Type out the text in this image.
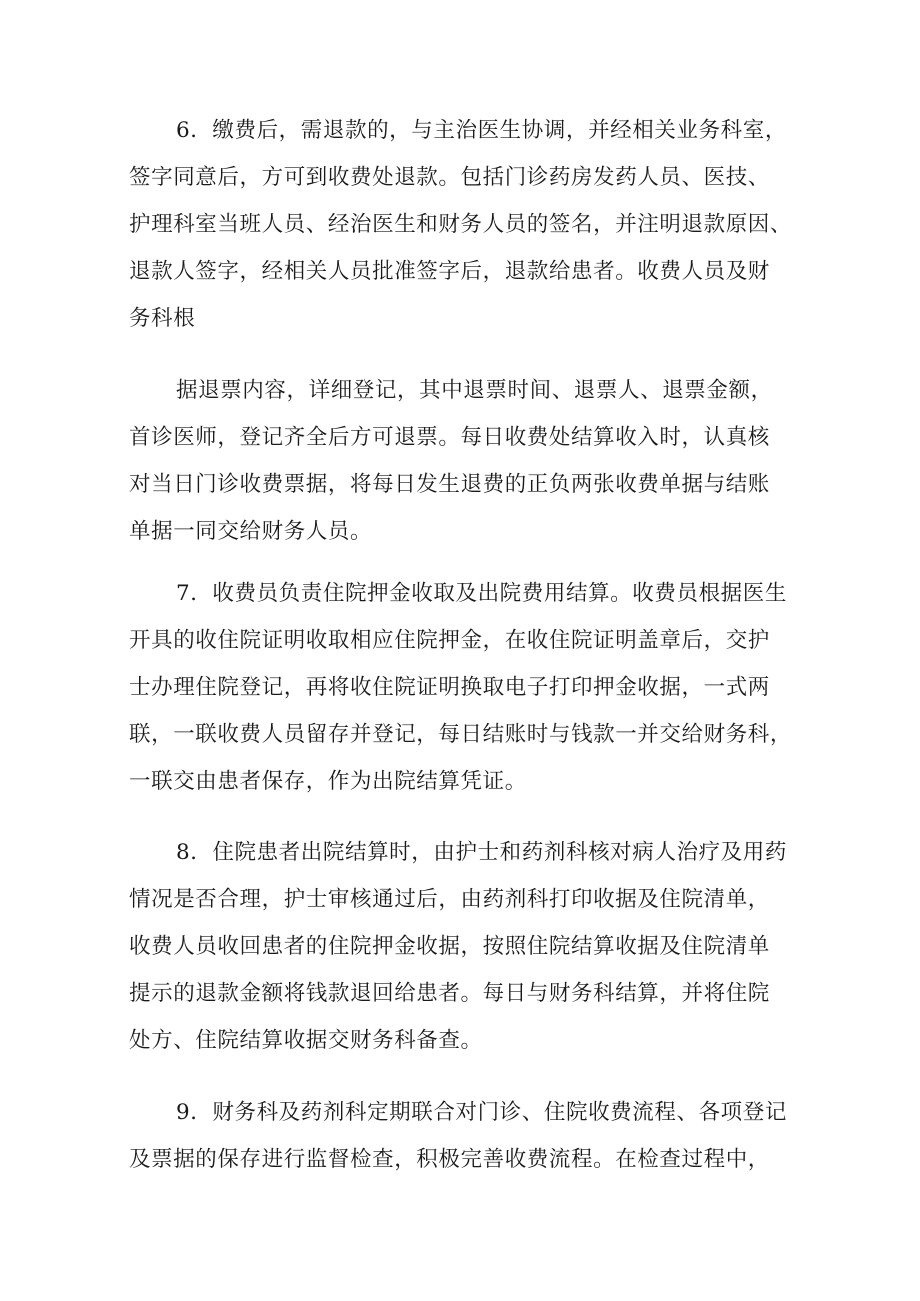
6．缴费后，需退款的，与主治医生协调，并经相关业务科室，
签字同意后，方可到收费处退款。包括门诊药房发药人员、医技、
护理科室当班人员、经治医生和财务人员的签名，并注明退款原因、
退款人签字，经相关人员批准签字后，退款给患者。收费人员及财
务科根
据退票内容，详细登记，其中退票时间、退票人、退票金额，
首诊医师，登记齐全后方可退票。每日收费处结算收入时，认真核
对当日门诊收费票据，将每日发生退费的正负两张收费单据与结账
单据一同交给财务人员。
7．收费员负责住院押金收取及出院费用结算。收费员根据医生
开具的收住院证明收取相应住院押金，在收住院证明盖章后，交护
士办理住院登记，再将收住院证明换取电子打印押金收据，一式两
联，一联收费人员留存并登记，每日结账时与钱款一并交给财务科，
一联交由患者保存，作为出院结算凭证。
8．住院患者出院结算时，由护士和药剂科核对病人治疗及用药
情况是否合理，护士审核通过后，由药剂科打印收据及住院清单，
收费人员收回患者的住院押金收据，按照住院结算收据及住院清单
提示的退款金额将钱款退回给患者。每日与财务科结算，并将住院
处方、住院结算收据交财务科备查。
9．财务科及药剂科定期联合对门诊、住院收费流程、各项登记
及票据的保存进行监督检查，积极完善收费流程。在检查过程中，
